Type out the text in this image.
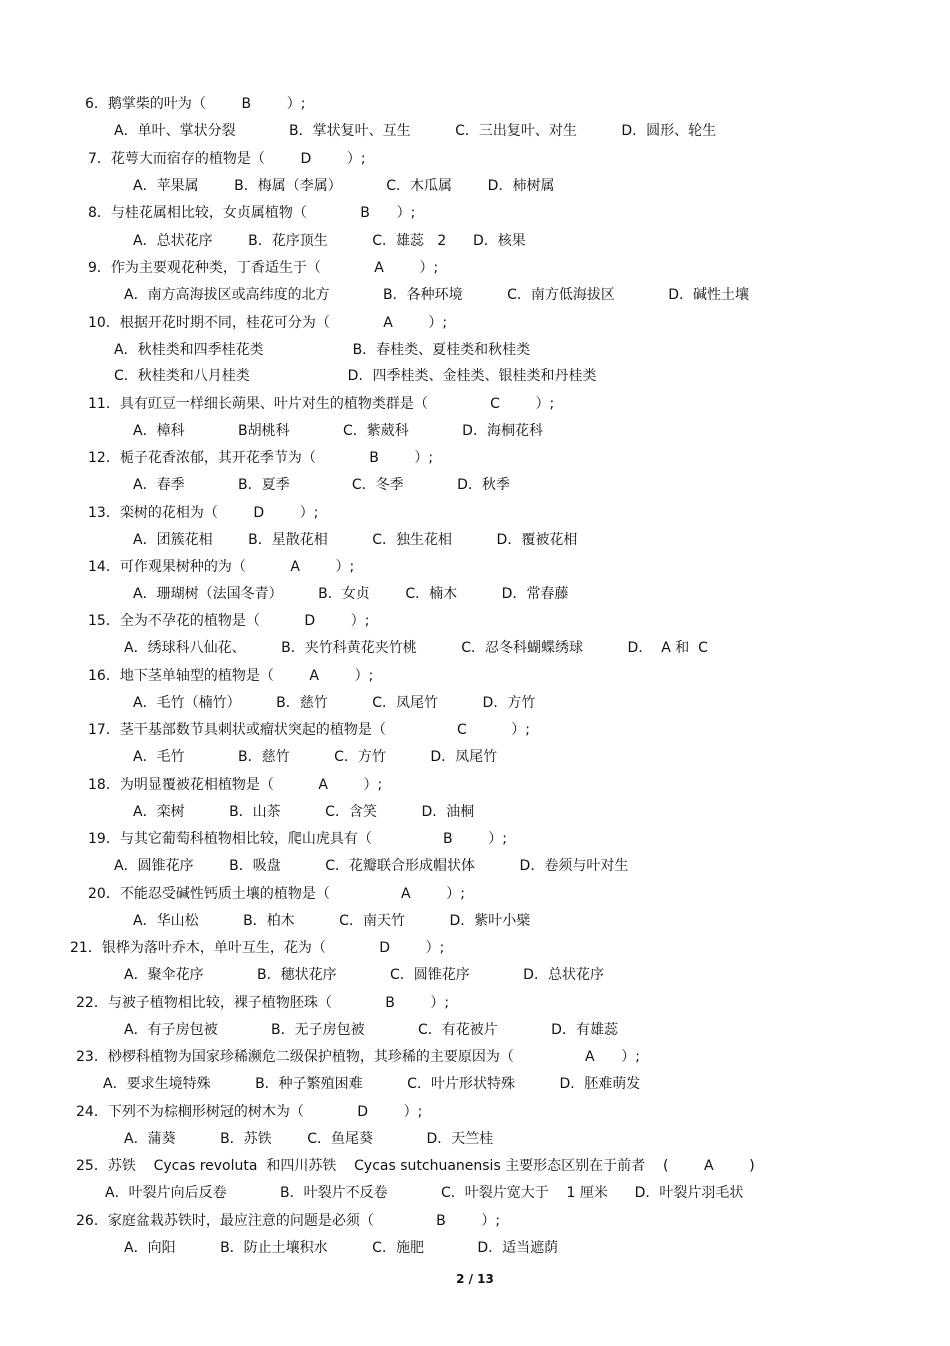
6．鹅掌柴的叶为（        B        ）;
A．单叶、掌状分裂            B．掌状复叶、互生          C．三出复叶、对生          D．圆形、轮生
7．花萼大而宿存的植物是（        D        ）;
A．苹果属        B．梅属（李属）          C．木瓜属        D．柿树属
8．与桂花属相比较，女贞属植物（            B      ）;
A．总状花序        B．花序顶生          C．雄蕊   2      D．核果
9．作为主要观花种类，丁香适生于（            A        ）;
A．南方高海拔区或高纬度的北方            B．各种环境          C．南方低海拔区            D．碱性土壤
10．根据开花时期不同，桂花可分为（            A        ）;
A．秋桂类和四季桂花类                    B．春桂类、夏桂类和秋桂类
C．秋桂类和八月桂类                      D．四季桂类、金桂类、银桂类和丹桂类
11．具有豇豆一样细长蒴果、叶片对生的植物类群是（              C        ）;
A．樟科            B胡桃科            C．紫葳科            D．海桐花科
12．栀子花香浓郁，其开花季节为（            B        ）;
A．春季            B．夏季              C．冬季            D．秋季
13．栾树的花相为（        D        ）;
A．团簇花相        B．星散花相          C．独生花相          D．覆被花相
14．可作观果树种的为（          A        ）;
A．珊瑚树（法国冬青）        B．女贞        C．楠木          D．常春藤
15．全为不孕花的植物是（          D        ）;
A．绣球科八仙花、        B．夹竹科黄花夹竹桃          C．忍冬科蝴蝶绣球          D．  A 和  C
16．地下茎单轴型的植物是（        A        ）;
A．毛竹（楠竹）        B．慈竹          C．凤尾竹          D．方竹
17．茎干基部数节具刺状或瘤状突起的植物是（                C          ）;
A．毛竹            B．慈竹          C．方竹          D．凤尾竹
18．为明显覆被花相植物是（          A        ）;
A．栾树          B．山茶          C．含笑          D．油桐
19．与其它葡萄科植物相比较，爬山虎具有（                B        ）;
A．圆锥花序        B．吸盘          C．花瓣联合形成帽状体          D．卷须与叶对生
20．不能忍受碱性钙质土壤的植物是（                A        ）;
A．华山松          B．柏木          C．南天竹          D．紫叶小檗
21．银桦为落叶乔木，单叶互生，花为（            D        ）;
A．聚伞花序            B．穗状花序            C．圆锥花序            D．总状花序
22．与被子植物相比较，裸子植物胚珠（            B        ）;
A．有子房包被            B．无子房包被            C．有花被片            D．有雄蕊
23．桫椤科植物为国家珍稀濒危二级保护植物，其珍稀的主要原因为（                A      ）;
A．要求生境特殊          B．种子繁殖困难          C．叶片形状特殊          D．胚难萌发
24．下列不为棕榈形树冠的树木为（            D        ）;
A．蒲葵          B．苏铁        C．鱼尾葵            D．天竺桂
25．苏铁    Cycas revoluta  和四川苏铁    Cycas sutchuanensis 主要形态区别在于前者    (        A        )
A．叶裂片向后反卷            B．叶裂片不反卷            C．叶裂片宽大于    1 厘米      D．叶裂片羽毛状
26．家庭盆栽苏铁时，最应注意的问题是必须（              B        ）;
A．向阳          B．防止土壤积水          C．施肥            D．适当遮荫
2 / 13
